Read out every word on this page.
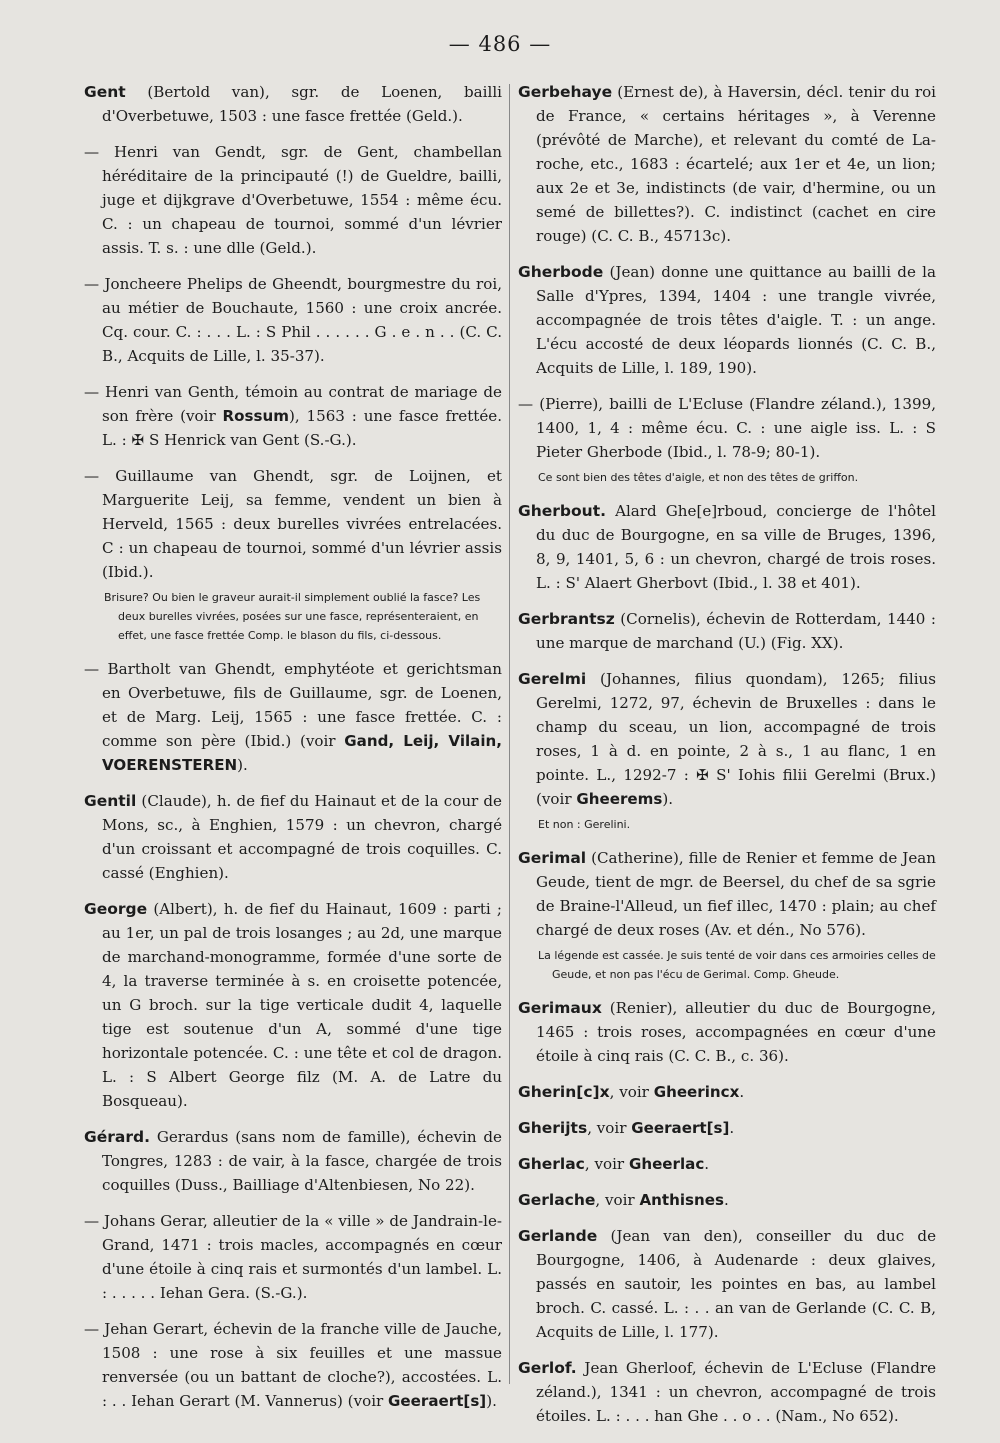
— 486 —

Gent (Bertold van), sgr. de Loenen, bailli d'Overbetuwe, 1503 : une fasce frettée (Geld.).

— Henri van Gendt, sgr. de Gent, chambellan héréditaire de la principauté (!) de Gueldre, bailli, juge et dijkgrave d'Overbetuwe, 1554 : même écu. C. : un chapeau de tournoi, sommé d'un lévrier assis. T. s. : une dlle (Geld.).

— Joncheere Phelips de Gheendt, bourgmestre du roi, au métier de Bouchaute, 1560 : une croix ancrée. Cq. cour. C. : . . . L. : S Phil . . . . . . G . e . n . . (C. C. B., Acquits de Lille, l. 35-37).

— Henri van Genth, témoin au contrat de mariage de son frère (voir Rossum), 1563 : une fasce frettée. L. : ✠ S Henrick van Gent (S.-G.).

— Guillaume van Ghendt, sgr. de Loijnen, et Marguerite Leij, sa femme, vendent un bien à Herveld, 1565 : deux burelles vivrées entrelacées. C : un chapeau de tournoi, sommé d'un lévrier assis (Ibid.).

Brisure? Ou bien le graveur aurait-il simplement oublié la fasce? Les deux burelles vivrées, posées sur une fasce, représenteraient, en effet, une fasce frettée Comp. le blason du fils, ci-dessous.

— Bartholt van Ghendt, emphytéote et gerichtsman en Overbetuwe, fils de Guillaume, sgr. de Loenen, et de Marg. Leij, 1565 : une fasce frettée. C. : comme son père (Ibid.) (voir Gand, Leij, Vilain, VOERENSTEREN).

Gentil (Claude), h. de fief du Hainaut et de la cour de Mons, sc., à Enghien, 1579 : un chevron, chargé d'un croissant et accompagné de trois coquilles. C. cassé (Enghien).

George (Albert), h. de fief du Hainaut, 1609 : parti ; au 1er, un pal de trois losanges ; au 2d, une marque de marchand-monogramme, formée d'une sorte de 4, la traverse terminée à s. en croisette potencée, un G broch. sur la tige verticale dudit 4, laquelle tige est soutenue d'un A, sommé d'une tige horizontale potencée. C. : une tête et col de dragon. L. : S Albert George filz (M. A. de Latre du Bosqueau).

Gérard. Gerardus (sans nom de famille), échevin de Tongres, 1283 : de vair, à la fasce, chargée de trois coquilles (Duss., Bailliage d'Altenbiesen, No 22).

— Johans Gerar, alleutier de la « ville » de Jandrain-le-Grand, 1471 : trois macles, accompagnés en cœur d'une étoile à cinq rais et surmontés d'un lambel. L. : . . . . . Iehan Gera. (S.-G.).

— Jehan Gerart, échevin de la franche ville de Jauche, 1508 : une rose à six feuilles et une massue renversée (ou un battant de cloche?), accostées. L. : . . Iehan Gerart (M. Vannerus) (voir Geeraert[s]).

Gerbehaye (Ernest de), à Haversin, décl. tenir du roi de France, « certains héritages », à Verenne (prévôté de Marche), et relevant du comté de La-roche, etc., 1683 : écartelé; aux 1er et 4e, un lion; aux 2e et 3e, indistincts (de vair, d'hermine, ou un semé de billettes?). C. indistinct (cachet en cire rouge) (C. C. B., 45713c).

Gherbode (Jean) donne une quittance au bailli de la Salle d'Ypres, 1394, 1404 : une trangle vivrée, accompagnée de trois têtes d'aigle. T. : un ange. L'écu accosté de deux léopards lionnés (C. C. B., Acquits de Lille, l. 189, 190).

— (Pierre), bailli de L'Ecluse (Flandre zéland.), 1399, 1400, 1, 4 : même écu. C. : une aigle iss. L. : S Pieter Gherbode (Ibid., l. 78-9; 80-1).

Ce sont bien des têtes d'aigle, et non des têtes de griffon.

Gherbout. Alard Ghe[e]rboud, concierge de l'hôtel du duc de Bourgogne, en sa ville de Bruges, 1396, 8, 9, 1401, 5, 6 : un chevron, chargé de trois roses. L. : S' Alaert Gherbovt (Ibid., l. 38 et 401).

Gerbrantsz (Cornelis), échevin de Rotterdam, 1440 : une marque de marchand (U.) (Fig. XX).

Gerelmi (Johannes, filius quondam), 1265; filius Gerelmi, 1272, 97, échevin de Bruxelles : dans le champ du sceau, un lion, accompagné de trois roses, 1 à d. en pointe, 2 à s., 1 au flanc, 1 en pointe. L., 1292-7 : ✠ S' Iohis filii Gerelmi (Brux.) (voir Gheerems).

Et non : Gerelini.

Gerimal (Catherine), fille de Renier et femme de Jean Geude, tient de mgr. de Beersel, du chef de sa sgrie de Braine-l'Alleud, un fief illec, 1470 : plain; au chef chargé de deux roses (Av. et dén., No 576).

La légende est cassée. Je suis tenté de voir dans ces armoiries celles de Geude, et non pas l'écu de Gerimal. Comp. Gheude.

Gerimaux (Renier), alleutier du duc de Bourgogne, 1465 : trois roses, accompagnées en cœur d'une étoile à cinq rais (C. C. B., c. 36).

Gherin[c]x, voir Gheerincx.

Gherijts, voir Geeraert[s].

Gherlac, voir Gheerlac.

Gerlache, voir Anthisnes.

Gerlande (Jean van den), conseiller du duc de Bourgogne, 1406, à Audenarde : deux glaives, passés en sautoir, les pointes en bas, au lambel broch. C. cassé. L. : . . an van de Gerlande (C. C. B, Acquits de Lille, l. 177).

Gerlof. Jean Gherloof, échevin de L'Ecluse (Flandre zéland.), 1341 : un chevron, accompagné de trois étoiles. L. : . . . han Ghe . . o . . (Nam., No 652).
